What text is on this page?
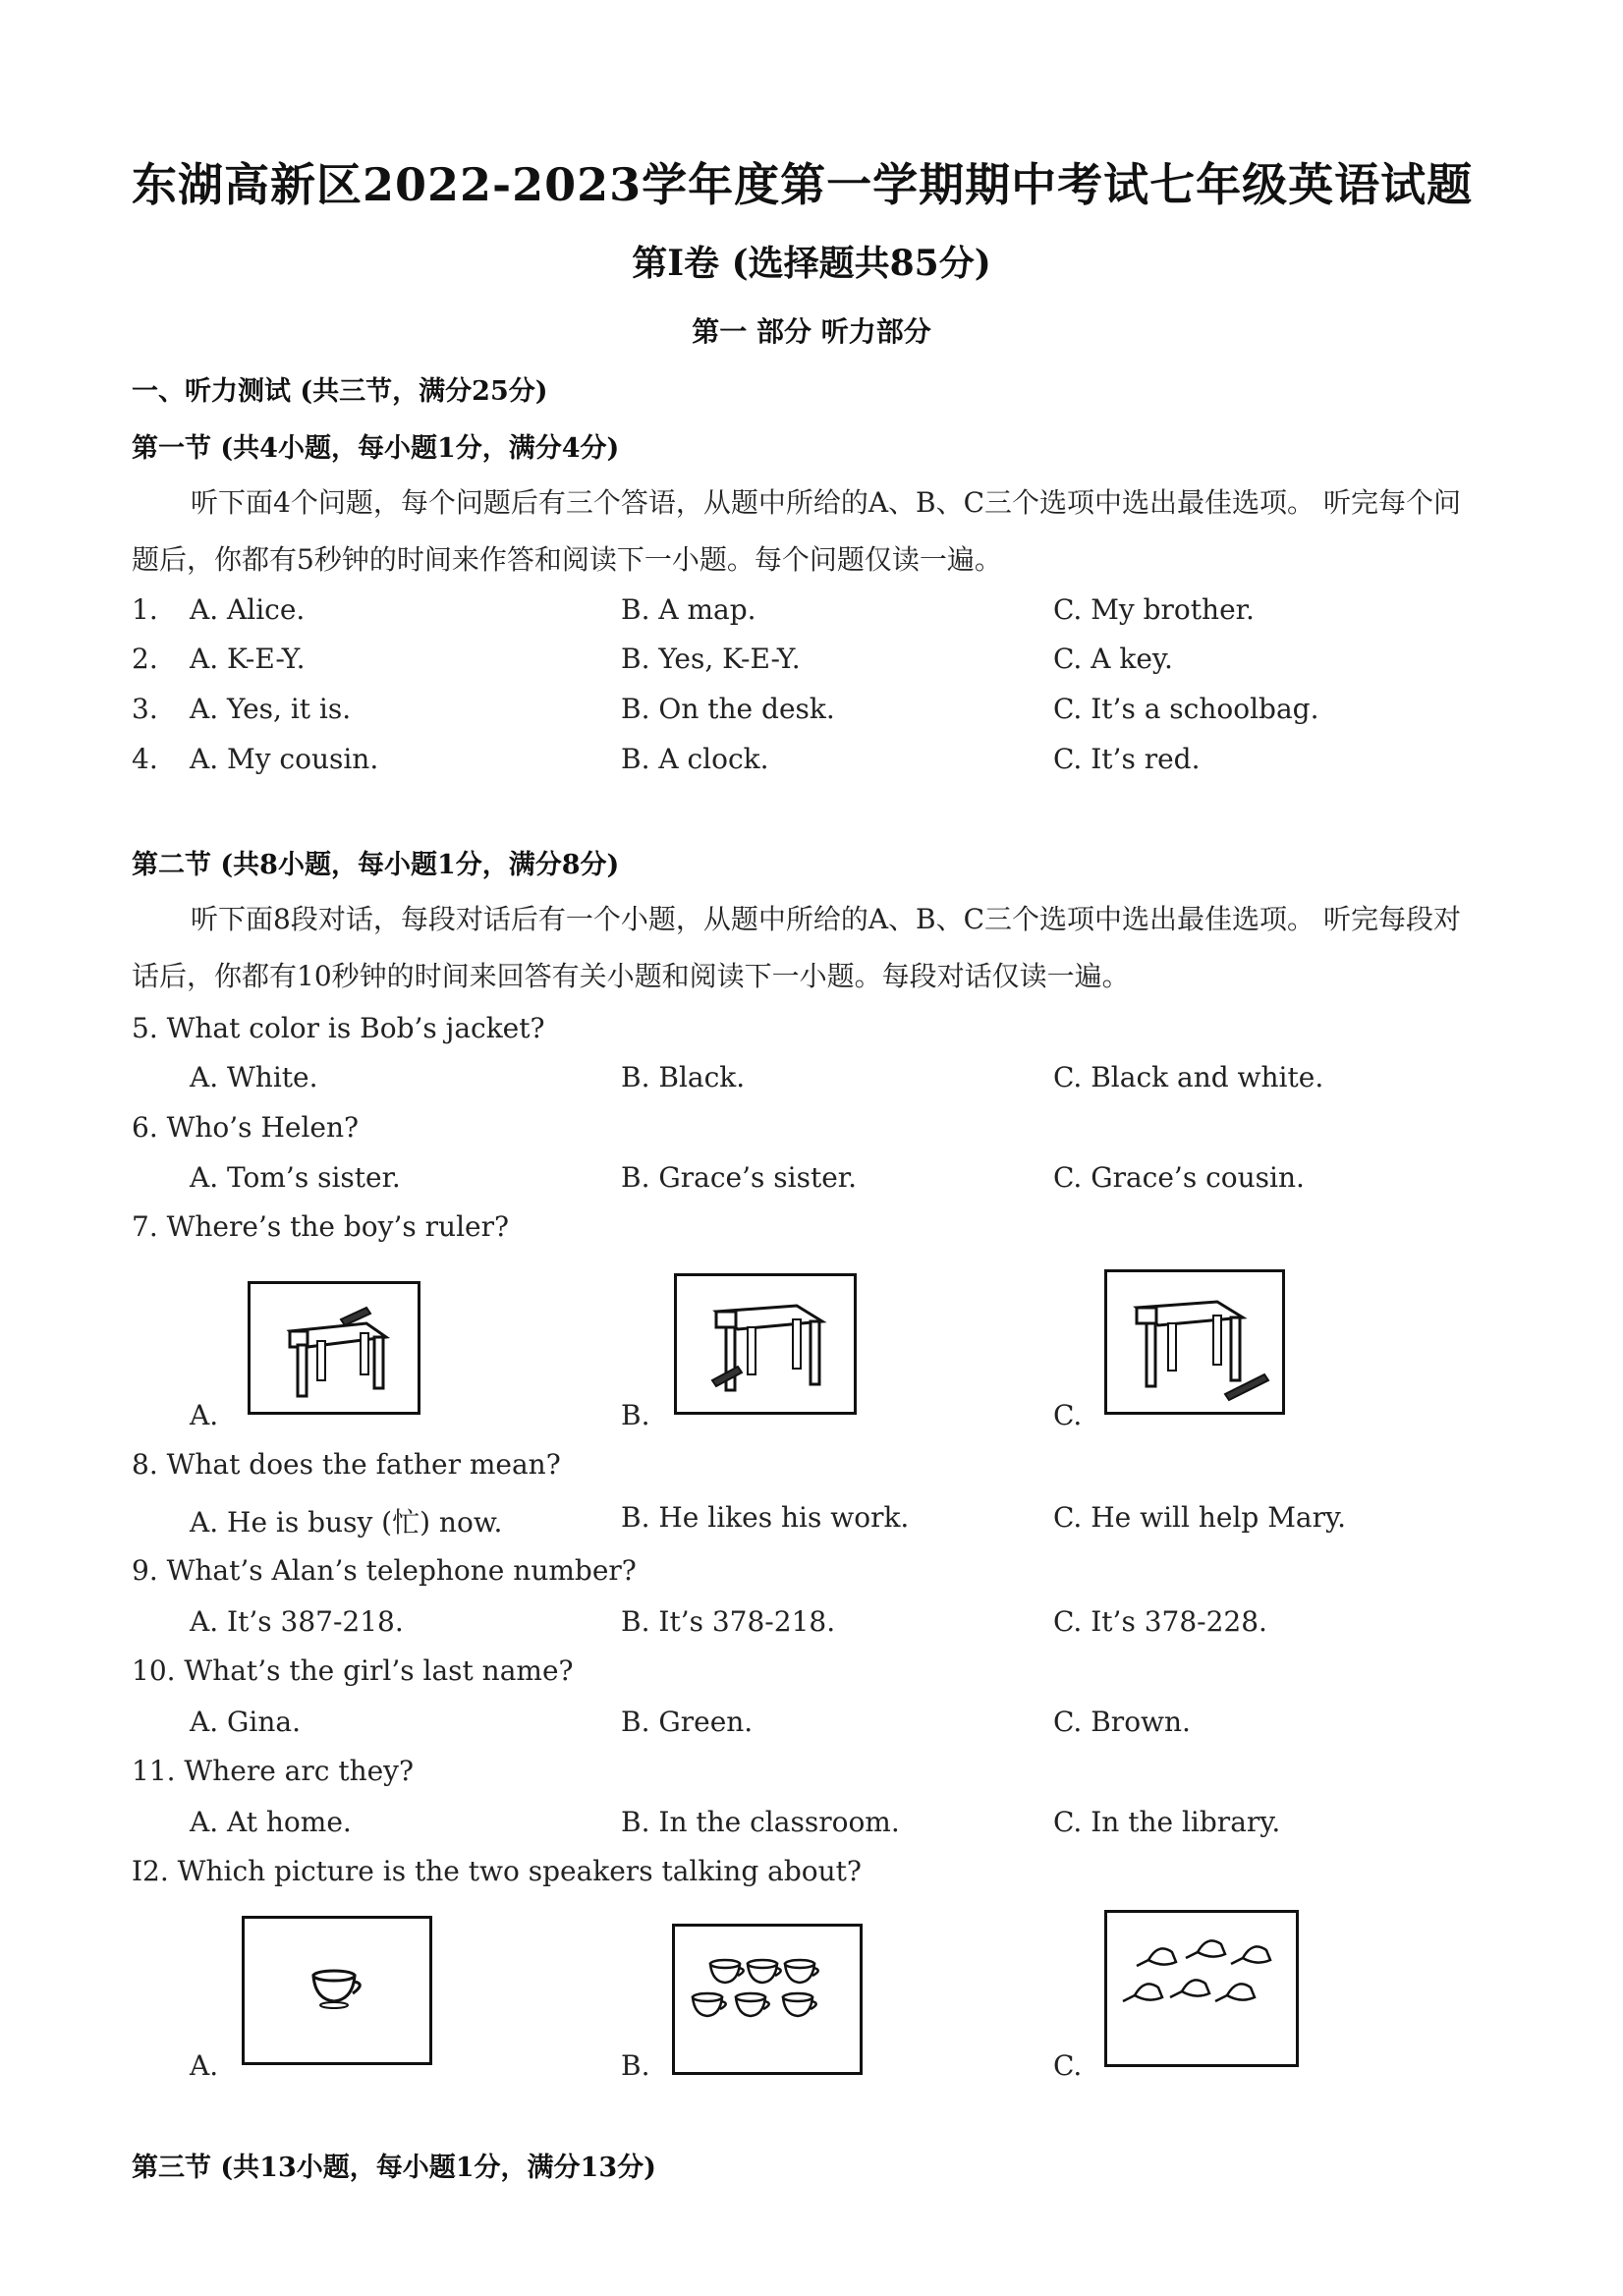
东湖高新区2022-2023学年度第一学期期中考试七年级英语试题
第I卷 (选择题共85分)
第一 部分 听力部分
一、听力测试 (共三节，满分25分)
第一节 (共4小题，每小题1分，满分4分)
听下面4个问题，每个问题后有三个答语，从题中所给的A、B、C三个选项中选出最佳选项。 听完每个问
题后，你都有5秒钟的时间来作答和阅读下一小题。每个问题仅读一遍。
1. A. Alice.	B. A map.	C. My brother.
2. A. K-E-Y.	B. Yes, K-E-Y.	C. A key.
3. A. Yes, it is.	B. On the desk.	C. It’s a schoolbag.
4. A. My cousin.	B. A clock.	C. It’s red.
第二节 (共8小题，每小题1分，满分8分)
听下面8段对话，每段对话后有一个小题，从题中所给的A、B、C三个选项中选出最佳选项。 听完每段对
话后，你都有10秒钟的时间来回答有关小题和阅读下一小题。每段对话仅读一遍。
5. What color is Bob’s jacket?
A. White.	B. Black.	C. Black and white.
6. Who’s Helen?
A. Tom’s sister.	B. Grace’s sister.	C. Grace’s cousin.
7. Where’s the boy’s ruler?
A.	B.	C.
8. What does the father mean?
A. He is busy (忙) now.	B. He likes his work.	C. He will help Mary.
9. What’s Alan’s telephone number?
A. It’s 387-218.	B. It’s 378-218.	C. It’s 378-228.
10. What’s the girl’s last name?
A. Gina.	B. Green.	C. Brown.
11. Where arc they?
A. At home.	B. In the classroom.	C. In the library.
I2. Which picture is the two speakers talking about?
A.	B.	C.
第三节 (共13小题，每小题1分，满分13分)
